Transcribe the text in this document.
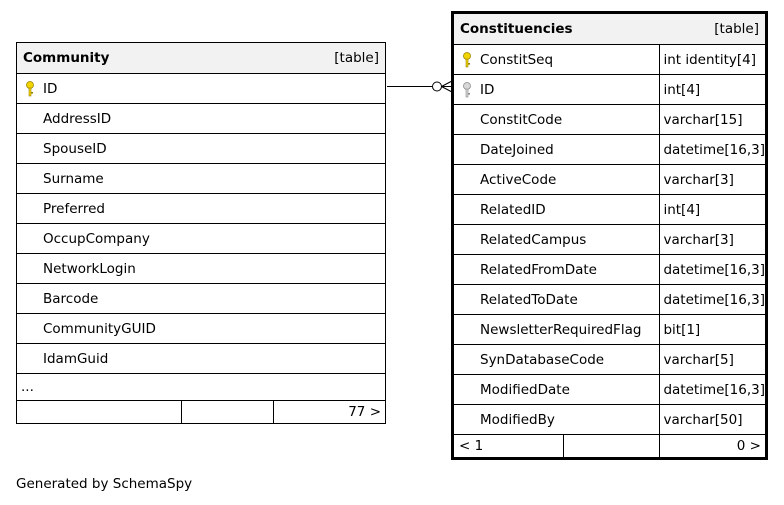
Community		[table]

ID		
AddressID		
SpouseID		
Surname		
Preferred		
OccupCompany		
NetworkLogin		
Barcode		
CommunityGUID		
IdamGuid		
...		
		77 >
Constituencies		[table]

ConstitSeq		int identity[4]

ID		int[4]
ConstitCode		varchar[15]
DateJoined		datetime[16,3]
ActiveCode		varchar[3]
RelatedID		int[4]
RelatedCampus		varchar[3]
RelatedFromDate		datetime[16,3]
RelatedToDate		datetime[16,3]
NewsletterRequiredFlag		bit[1]
SynDatabaseCode		varchar[5]
ModifiedDate		datetime[16,3]
ModifiedBy		varchar[50]
< 1		0 >
Generated by SchemaSpy
